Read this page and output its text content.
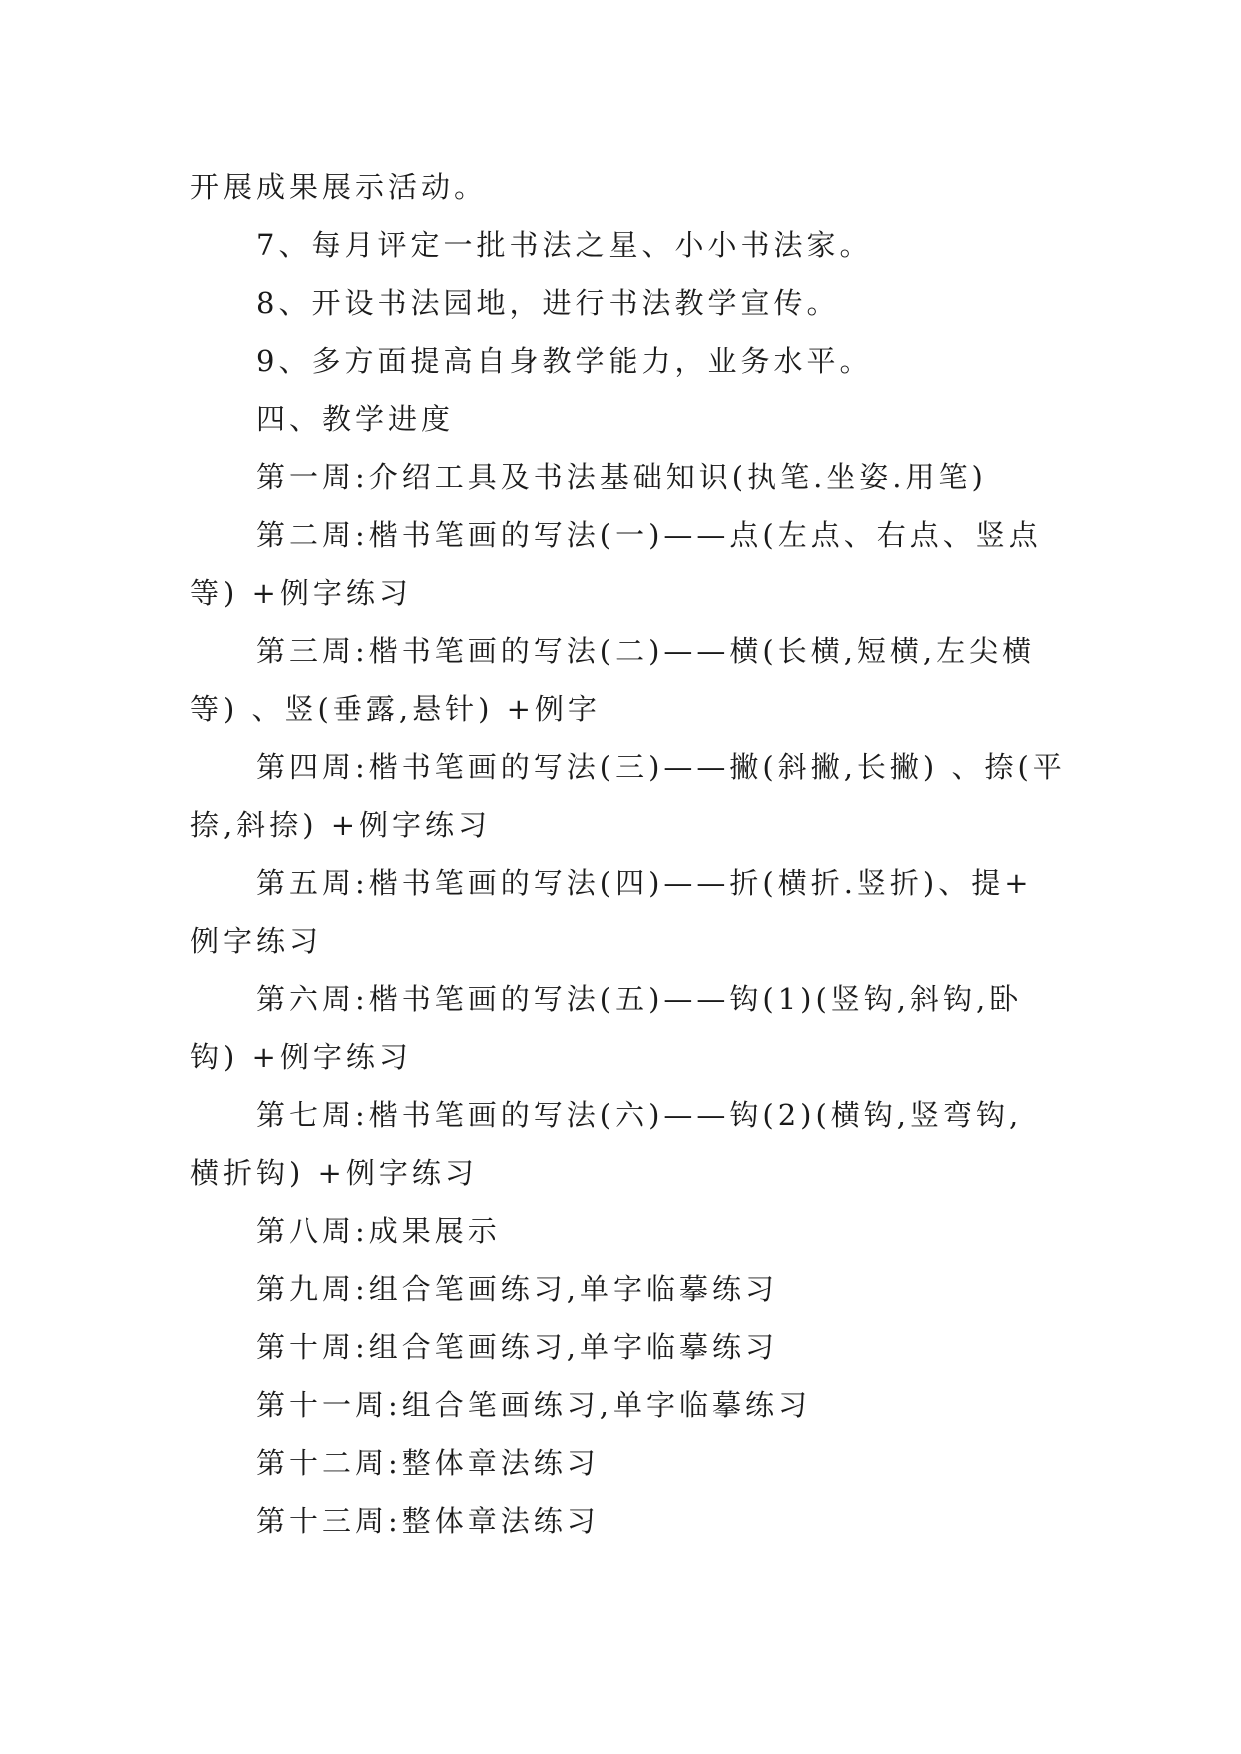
开展成果展示活动。
7、每月评定一批书法之星、小小书法家。
8、开设书法园地，进行书法教学宣传。
9、多方面提高自身教学能力，业务水平。
四、教学进度
第一周:介绍工具及书法基础知识(执笔.坐姿.用笔)
第二周:楷书笔画的写法(一)——点(左点、右点、竖点
等) +例字练习
第三周:楷书笔画的写法(二)——横(长横,短横,左尖横
等) 、竖(垂露,悬针) +例字
第四周:楷书笔画的写法(三)——撇(斜撇,长撇) 、捺(平
捺,斜捺) +例字练习
第五周:楷书笔画的写法(四)——折(横折.竖折)、提+
例字练习
第六周:楷书笔画的写法(五)——钩(1)(竖钩,斜钩,卧
钩) +例字练习
第七周:楷书笔画的写法(六)——钩(2)(横钩,竖弯钩,
横折钩) +例字练习
第八周:成果展示
第九周:组合笔画练习,单字临摹练习
第十周:组合笔画练习,单字临摹练习
第十一周:组合笔画练习,单字临摹练习
第十二周:整体章法练习
第十三周:整体章法练习
